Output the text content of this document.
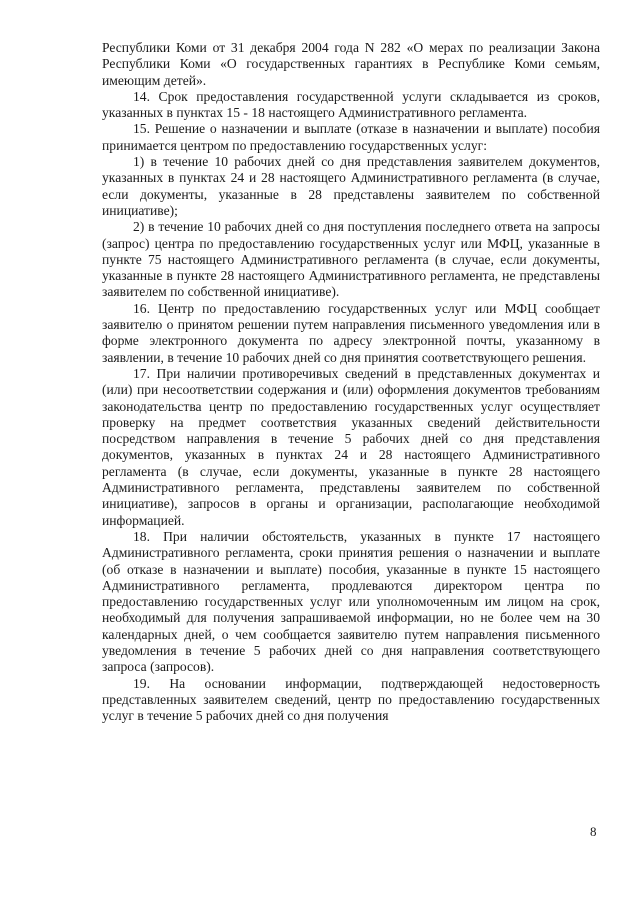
Республики Коми от 31 декабря 2004 года N 282 «О мерах по реализации Закона Республики Коми «О государственных гарантиях в Республике Коми семьям, имеющим детей».

14. Срок предоставления государственной услуги складывается из сроков, указанных в пунктах 15 - 18 настоящего Административного регламента.

15. Решение о назначении и выплате (отказе в назначении и выплате) пособия принимается центром по предоставлению государственных услуг:

1) в течение 10 рабочих дней со дня представления заявителем документов, указанных в пунктах 24 и 28 настоящего Административного регламента (в случае, если документы, указанные в 28 представлены заявителем по собственной инициативе);

2) в течение 10 рабочих дней со дня поступления последнего ответа на запросы (запрос) центра по предоставлению государственных услуг или МФЦ, указанные в пункте 75 настоящего Административного регламента (в случае, если документы, указанные в пункте 28 настоящего Административного регламента, не представлены заявителем по собственной инициативе).

16. Центр по предоставлению государственных услуг или МФЦ сообщает заявителю о принятом решении путем направления письменного уведомления или в форме электронного документа по адресу электронной почты, указанному в заявлении, в течение 10 рабочих дней со дня принятия соответствующего решения.

17. При наличии противоречивых сведений в представленных документах и (или) при несоответствии содержания и (или) оформления документов требованиям законодательства центр по предоставлению государственных услуг осуществляет проверку на предмет соответствия указанных сведений действительности посредством направления в течение 5 рабочих дней со дня представления документов, указанных в пунктах 24 и 28 настоящего Административного регламента (в случае, если документы, указанные в пункте 28 настоящего Административного регламента, представлены заявителем по собственной инициативе), запросов в органы и организации, располагающие необходимой информацией.

18. При наличии обстоятельств, указанных в пункте 17 настоящего Административного регламента, сроки принятия решения о назначении и выплате (об отказе в назначении и выплате) пособия, указанные в пункте 15 настоящего Административного регламента, продлеваются директором центра по предоставлению государственных услуг или уполномоченным им лицом на срок, необходимый для получения запрашиваемой информации, но не более чем на 30 календарных дней, о чем сообщается заявителю путем направления письменного уведомления в течение 5 рабочих дней со дня направления соответствующего запроса (запросов).

19. На основании информации, подтверждающей недостоверность представленных заявителем сведений, центр по предоставлению государственных услуг в течение 5 рабочих дней со дня получения

8
